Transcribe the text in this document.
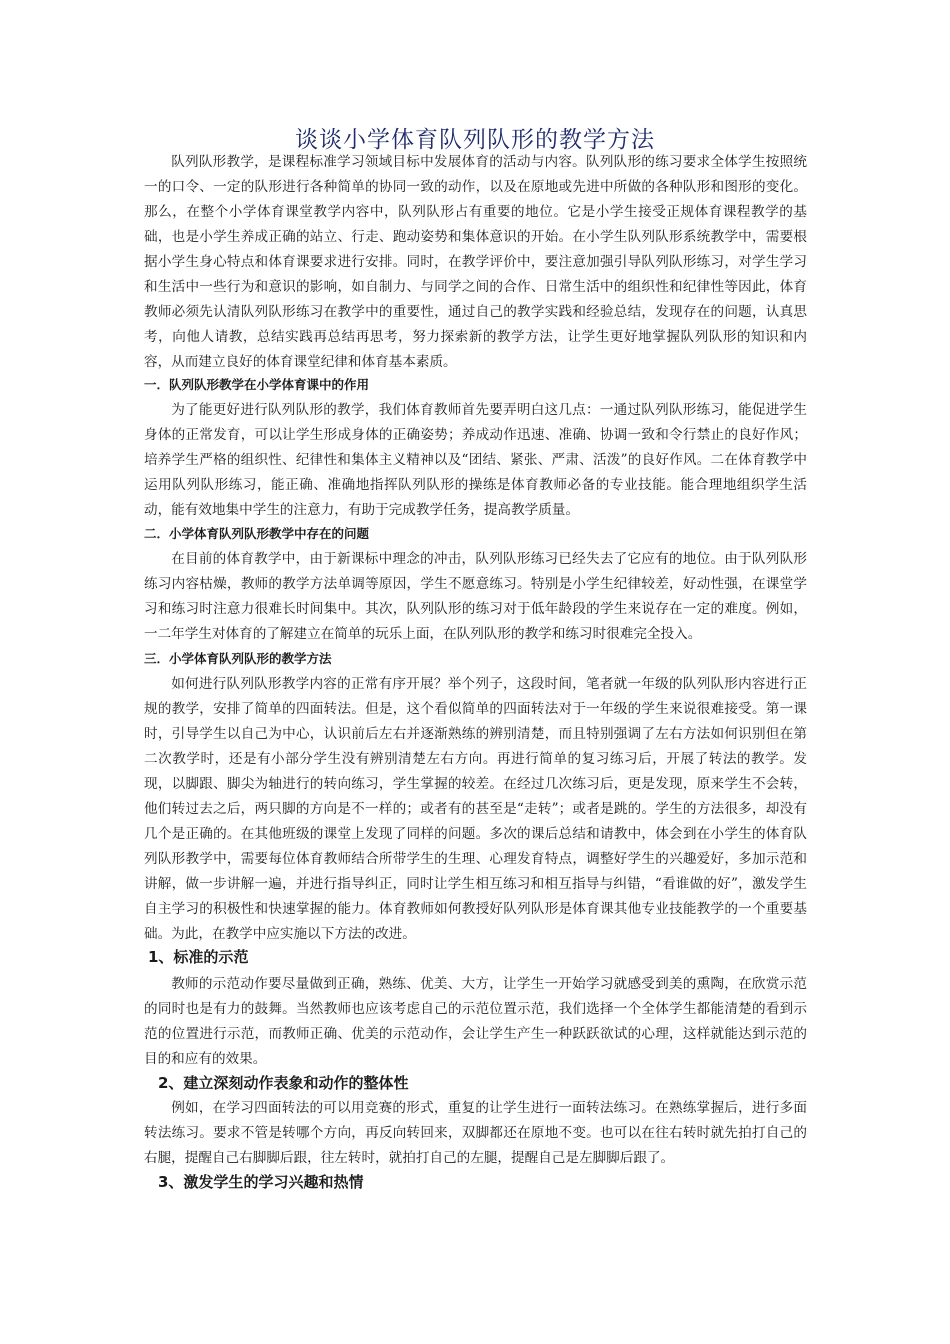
谈谈小学体育队列队形的教学方法
队列队形教学，是课程标准学习领域目标中发展体育的活动与内容。队列队形的练习要求全体学生按照统一的口令、一定的队形进行各种简单的协同一致的动作，以及在原地或先进中所做的各种队形和图形的变化。那么，在整个小学体育课堂教学内容中，队列队形占有重要的地位。它是小学生接受正规体育课程教学的基础，也是小学生养成正确的站立、行走、跑动姿势和集体意识的开始。在小学生队列队形系统教学中，需要根据小学生身心特点和体育课要求进行安排。同时，在教学评价中，要注意加强引导队列队形练习，对学生学习和生活中一些行为和意识的影响，如自制力、与同学之间的合作、日常生活中的组织性和纪律性等因此，体育教师必须先认清队列队形练习在教学中的重要性，通过自己的教学实践和经验总结，发现存在的问题，认真思考，向他人请教，总结实践再总结再思考，努力探索新的教学方法，让学生更好地掌握队列队形的知识和内容，从而建立良好的体育课堂纪律和体育基本素质。
一．队列队形教学在小学体育课中的作用
为了能更好进行队列队形的教学，我们体育教师首先要弄明白这几点：一通过队列队形练习，能促进学生身体的正常发育，可以让学生形成身体的正确姿势；养成动作迅速、准确、协调一致和令行禁止的良好作风；培养学生严格的组织性、纪律性和集体主义精神以及“团结、紧张、严肃、活泼”的良好作风。二在体育教学中运用队列队形练习，能正确、准确地指挥队列队形的操练是体育教师必备的专业技能。能合理地组织学生活动，能有效地集中学生的注意力，有助于完成教学任务，提高教学质量。
二．小学体育队列队形教学中存在的问题
在目前的体育教学中，由于新课标中理念的冲击，队列队形练习已经失去了它应有的地位。由于队列队形练习内容枯燥，教师的教学方法单调等原因，学生不愿意练习。特别是小学生纪律较差，好动性强，在课堂学习和练习时注意力很难长时间集中。其次，队列队形的练习对于低年龄段的学生来说存在一定的难度。例如，一二年学生对体育的了解建立在简单的玩乐上面，在队列队形的教学和练习时很难完全投入。
三．小学体育队列队形的教学方法
如何进行队列队形教学内容的正常有序开展？举个列子，这段时间，笔者就一年级的队列队形内容进行正规的教学，安排了简单的四面转法。但是，这个看似简单的四面转法对于一年级的学生来说很难接受。第一课时，引导学生以自己为中心，认识前后左右并逐渐熟练的辨别清楚，而且特别强调了左右方法如何识别但在第二次教学时，还是有小部分学生没有辨别清楚左右方向。再进行简单的复习练习后，开展了转法的教学。发现，以脚跟、脚尖为轴进行的转向练习，学生掌握的较差。在经过几次练习后，更是发现，原来学生不会转，他们转过去之后，两只脚的方向是不一样的；或者有的甚至是“走转”；或者是跳的。学生的方法很多，却没有几个是正确的。在其他班级的课堂上发现了同样的问题。多次的课后总结和请教中，体会到在小学生的体育队列队形教学中，需要每位体育教师结合所带学生的生理、心理发育特点，调整好学生的兴趣爱好，多加示范和讲解，做一步讲解一遍，并进行指导纠正，同时让学生相互练习和相互指导与纠错，“看谁做的好”，激发学生自主学习的积极性和快速掌握的能力。体育教师如何教授好队列队形是体育课其他专业技能教学的一个重要基础。为此，在教学中应实施以下方法的改进。
1、标准的示范
教师的示范动作要尽量做到正确，熟练、优美、大方，让学生一开始学习就感受到美的熏陶，在欣赏示范的同时也是有力的鼓舞。当然教师也应该考虑自己的示范位置示范，我们选择一个全体学生都能清楚的看到示范的位置进行示范，而教师正确、优美的示范动作，会让学生产生一种跃跃欲试的心理，这样就能达到示范的目的和应有的效果。
2、建立深刻动作表象和动作的整体性
例如，在学习四面转法的可以用竞赛的形式，重复的让学生进行一面转法练习。在熟练掌握后，进行多面转法练习。要求不管是转哪个方向，再反向转回来，双脚都还在原地不变。也可以在往右转时就先拍打自己的右腿，提醒自己右脚脚后跟，往左转时，就拍打自己的左腿，提醒自己是左脚脚后跟了。
3、激发学生的学习兴趣和热情
